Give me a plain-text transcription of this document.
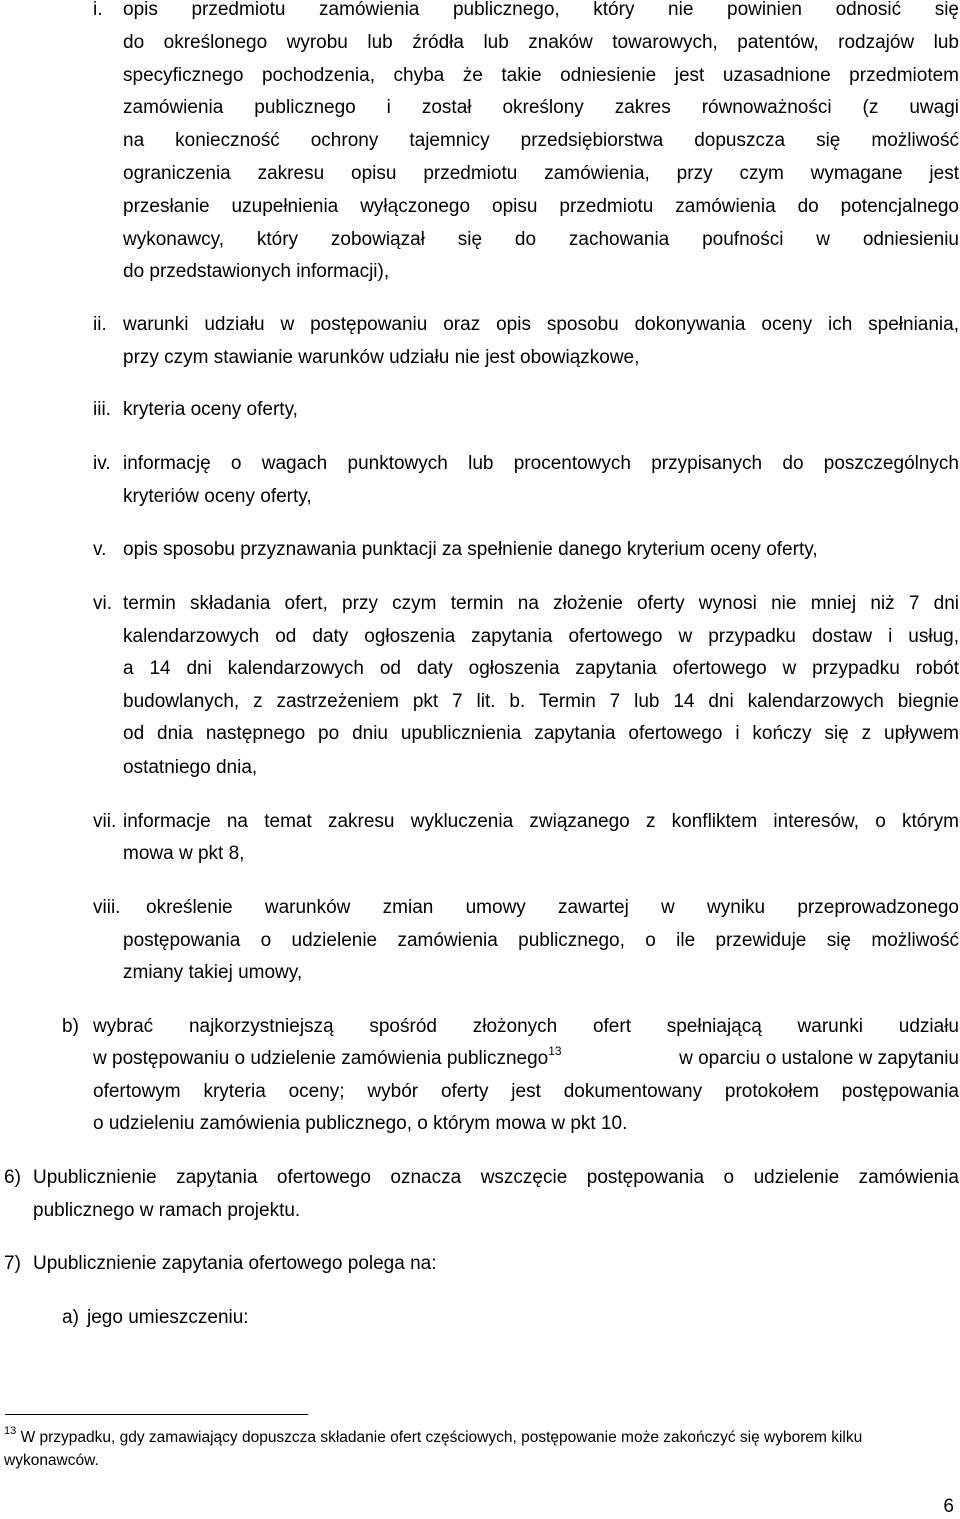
i. opis przedmiotu zamówienia publicznego, który nie powinien odnosić się
do określonego wyrobu lub źródła lub znaków towarowych, patentów, rodzajów lub
specyficznego pochodzenia, chyba że takie odniesienie jest uzasadnione przedmiotem
zamówienia publicznego i został określony zakres równoważności (z uwagi
na konieczność ochrony tajemnicy przedsiębiorstwa dopuszcza się możliwość
ograniczenia zakresu opisu przedmiotu zamówienia, przy czym wymagane jest
przesłanie uzupełnienia wyłączonego opisu przedmiotu zamówienia do potencjalnego
wykonawcy, który zobowiązał się do zachowania poufności w odniesieniu
do przedstawionych informacji),
ii. warunki udziału w postępowaniu oraz opis sposobu dokonywania oceny ich spełniania,
przy czym stawianie warunków udziału nie jest obowiązkowe,
iii. kryteria oceny oferty,
iv. informację o wagach punktowych lub procentowych przypisanych do poszczególnych
kryteriów oceny oferty,
v. opis sposobu przyznawania punktacji za spełnienie danego kryterium oceny oferty,
vi. termin składania ofert, przy czym termin na złożenie oferty wynosi nie mniej niż 7 dni
kalendarzowych od daty ogłoszenia zapytania ofertowego w przypadku dostaw i usług,
a 14 dni kalendarzowych od daty ogłoszenia zapytania ofertowego w przypadku robót
budowlanych, z zastrzeżeniem pkt 7 lit. b. Termin 7 lub 14 dni kalendarzowych biegnie
od dnia następnego po dniu upublicznienia zapytania ofertowego i kończy się z upływem
ostatniego dnia,
vii. informacje na temat zakresu wykluczenia związanego z konfliktem interesów, o którym
mowa w pkt 8,
viii. określenie warunków zmian umowy zawartej w wyniku przeprowadzonego
postępowania o udzielenie zamówienia publicznego, o ile przewiduje się możliwość
zmiany takiej umowy,
b) wybrać najkorzystniejszą spośród złożonych ofert spełniającą warunki udziału
w postępowaniu o udzielenie zamówienia publicznego$^{13}$	w oparciu o ustalone w zapytaniu
ofertowym kryteria oceny; wybór oferty jest dokumentowany protokołem postępowania
o udzieleniu zamówienia publicznego, o którym mowa w pkt 10.
6) Upublicznienie zapytania ofertowego oznacza wszczęcie postępowania o udzielenie zamówienia
publicznego w ramach projektu.
7) Upublicznienie zapytania ofertowego polega na:
a) jego umieszczeniu:
$^{13}$ W przypadku, gdy zamawiający dopuszcza składanie ofert częściowych, postępowanie może zakończyć się wyborem kilku
wykonawców.
6
